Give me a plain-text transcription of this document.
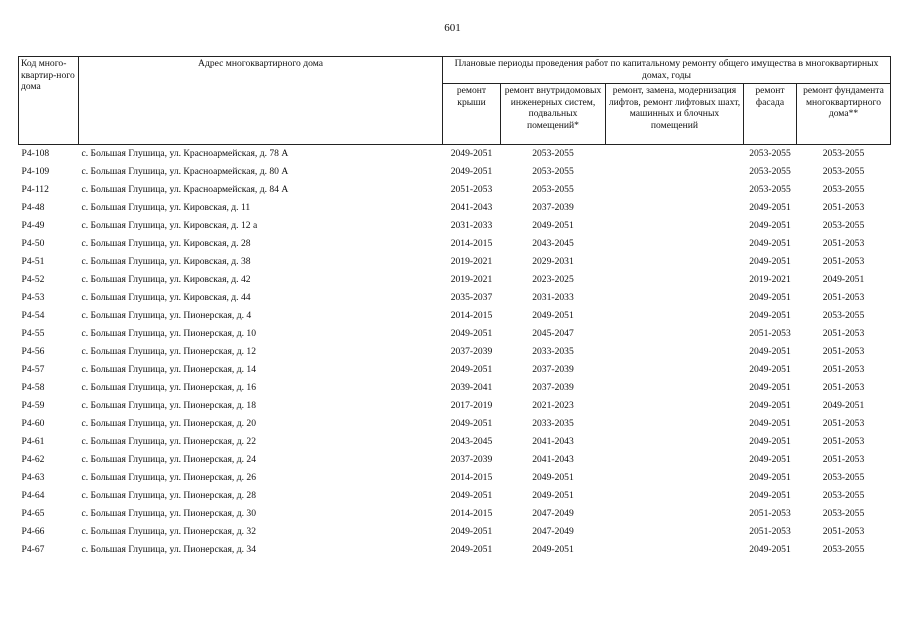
601
Код много-квартир-ного дома	Адрес многоквартирного дома	Плановые периоды проведения работ по капитальному ремонту общего имущества в многоквартирных домах, годы				
		ремонт крыши	ремонт внутридомовых инженерных систем, подвальных помещений*	ремонт, замена, модернизация лифтов, ремонт лифтовых шахт, машинных и блочных помещений	ремонт фасада	ремонт фундамента многоквартирного дома**
Р4-108	с. Большая Глушица, ул. Красноармейская, д. 78 А	2049-2051	2053-2055		2053-2055	2053-2055
Р4-109	с. Большая Глушица, ул. Красноармейская, д. 80 А	2049-2051	2053-2055		2053-2055	2053-2055
Р4-112	с. Большая Глушица, ул. Красноармейская, д. 84 А	2051-2053	2053-2055		2053-2055	2053-2055
Р4-48	с. Большая Глушица, ул. Кировская, д. 11	2041-2043	2037-2039		2049-2051	2051-2053
Р4-49	с. Большая Глушица, ул. Кировская, д. 12 а	2031-2033	2049-2051		2049-2051	2053-2055
Р4-50	с. Большая Глушица, ул. Кировская, д. 28	2014-2015	2043-2045		2049-2051	2051-2053
Р4-51	с. Большая Глушица, ул. Кировская, д. 38	2019-2021	2029-2031		2049-2051	2051-2053
Р4-52	с. Большая Глушица, ул. Кировская, д. 42	2019-2021	2023-2025		2019-2021	2049-2051
Р4-53	с. Большая Глушица, ул. Кировская, д. 44	2035-2037	2031-2033		2049-2051	2051-2053
Р4-54	с. Большая Глушица, ул. Пионерская, д. 4	2014-2015	2049-2051		2049-2051	2053-2055
Р4-55	с. Большая Глушица, ул. Пионерская, д. 10	2049-2051	2045-2047		2051-2053	2051-2053
Р4-56	с. Большая Глушица, ул. Пионерская, д. 12	2037-2039	2033-2035		2049-2051	2051-2053
Р4-57	с. Большая Глушица, ул. Пионерская, д. 14	2049-2051	2037-2039		2049-2051	2051-2053
Р4-58	с. Большая Глушица, ул. Пионерская, д. 16	2039-2041	2037-2039		2049-2051	2051-2053
Р4-59	с. Большая Глушица, ул. Пионерская, д. 18	2017-2019	2021-2023		2049-2051	2049-2051
Р4-60	с. Большая Глушица, ул. Пионерская, д. 20	2049-2051	2033-2035		2049-2051	2051-2053
Р4-61	с. Большая Глушица, ул. Пионерская, д. 22	2043-2045	2041-2043		2049-2051	2051-2053
Р4-62	с. Большая Глушица, ул. Пионерская, д. 24	2037-2039	2041-2043		2049-2051	2051-2053
Р4-63	с. Большая Глушица, ул. Пионерская, д. 26	2014-2015	2049-2051		2049-2051	2053-2055
Р4-64	с. Большая Глушица, ул. Пионерская, д. 28	2049-2051	2049-2051		2049-2051	2053-2055
Р4-65	с. Большая Глушица, ул. Пионерская, д. 30	2014-2015	2047-2049		2051-2053	2053-2055
Р4-66	с. Большая Глушица, ул. Пионерская, д. 32	2049-2051	2047-2049		2051-2053	2051-2053
Р4-67	с. Большая Глушица, ул. Пионерская, д. 34	2049-2051	2049-2051		2049-2051	2053-2055
